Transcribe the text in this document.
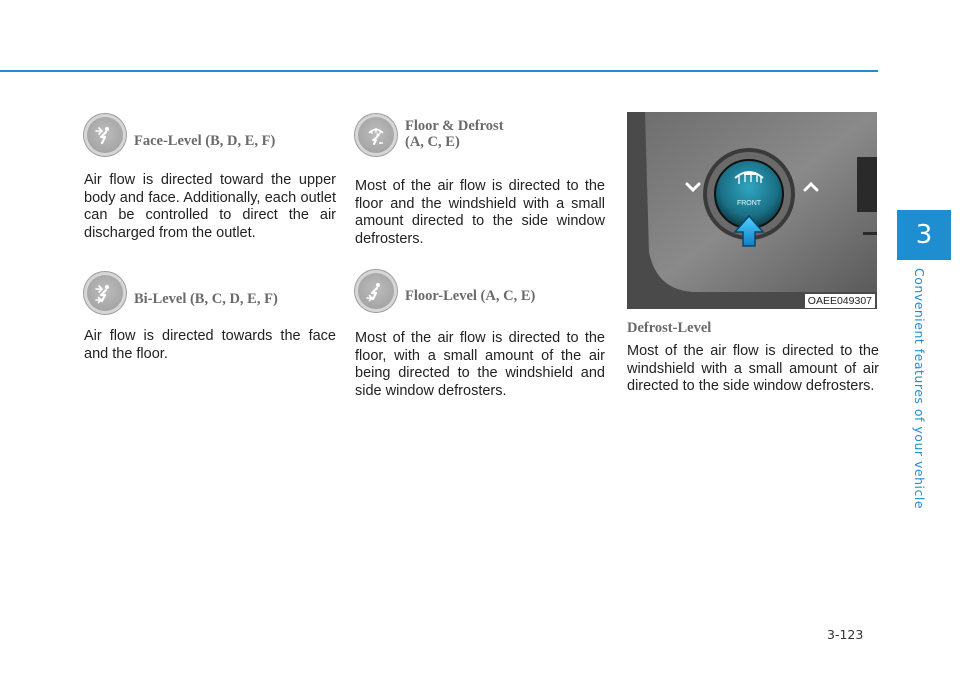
3
Convenient features of your vehicle
Face-Level (B, D, E, F)

Air flow is directed toward the upper body and face. Additionally, each outlet can be controlled to direct the air discharged from the outlet.

Bi-Level (B, C, D, E, F)

Air flow is directed towards the face and the floor.

Floor & Defrost
(A, C, E)

Most of the air flow is directed to the floor and the windshield with a small amount directed to the side window defrosters.

Floor-Level (A, C, E)

Most of the air flow is directed to the floor, with a small amount of the air being directed to the windshield and side window defrosters.

FRONT
OAEE049307
Defrost-Level

Most of the air flow is directed to the windshield with a small amount of air directed to the side window defrosters.

3-123
